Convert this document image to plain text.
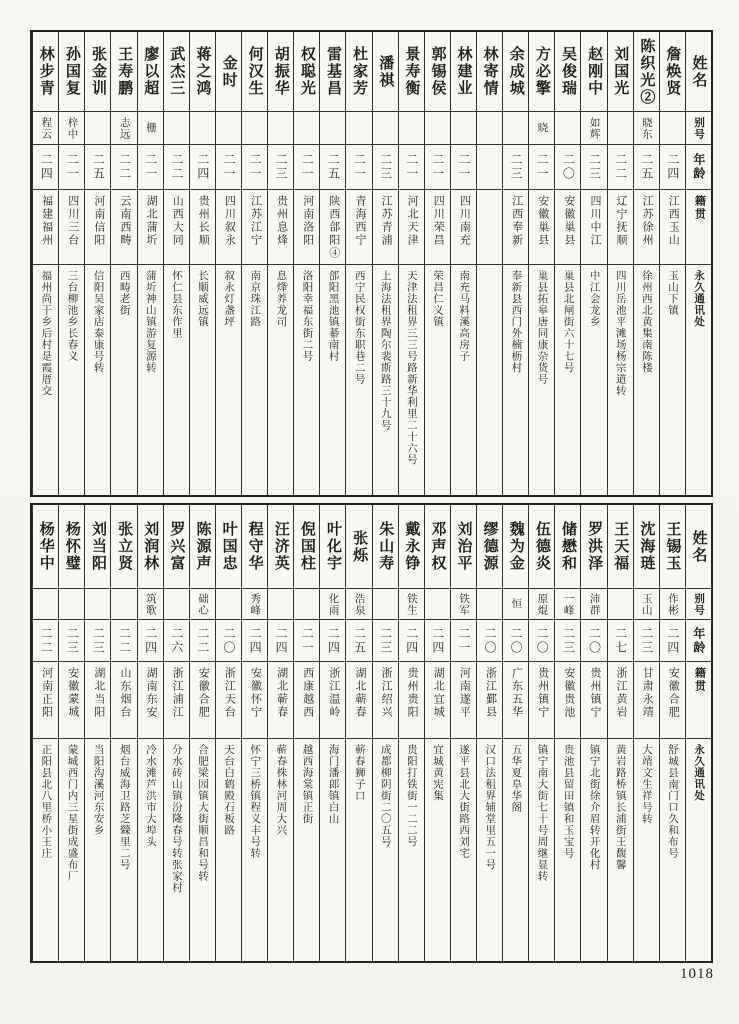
姓名
别号
年龄
籍贯
永久通讯处
詹焕贤
二四
江西玉山
玉山下镇
陈织光②
晓东
二五
江苏徐州
徐州西北黄集南陈楼
刘国光
二二
辽宁抚顺
四川岳池平滩场杨宗道转
赵刚中
如辉
二三
四川中江
中江会龙乡
吴俊瑞
二〇
安徽巢县
巢县北闸街六十七号
方必擎
晓
二一
安徽巢县
巢县拓皋唐同康杂货号
余成城
二三
江西奉新
奉新县西门外楠枥村
林寄情
林建业
二一
四川南充
南充马料溪高房子
郭锡侯
二一
四川荣昌
荣昌仁义镇
景寿衡
二一
河北天津
天津法租界三三号路新华利里二十六号
潘祺
二三
江苏青浦
上海法租界陶尔裴斯路三十九号
杜家芳
二一
青海西宁
西宁民权街东职巷二号
雷基昌
二五
陕西郃阳④
郃阳黑池镇綦南村
权聪光
二一
河南洛阳
洛阳幸福东街二号
胡振华
二三
贵州息烽
息烽养龙司
何汉生
二一
江苏江宁
南京珠江路
金时
二一
四川叙永
叙永灯盏坪
蒋之鸿
二四
贵州长顺
长顺威远镇
武杰三
二二
山西大同
怀仁县东作里
廖以超
栅
二一
湖北蒲圻
蒲圻神山镇游复源转
王寿鹏
志远
二二
云南西畴
西畴老街
张金训
二五
河南信阳
信阳吴家店泰康号转
孙国复
梓中
二一
四川三台
三台柳池乡长春义
林步青
程云
二四
福建福州
福州尚干乡后村是霞厝交
姓名
别号
年龄
籍贯
永久通讯处
王锡玉
作彬
二四
安徽合肥
舒城县南门口久和布号
沈海琏
玉山
二三
甘肃永靖
大靖文生祥号转
王天福
二七
浙江黄岩
黄岩路桥镇长浦街王馥馨
罗洪泽
沛群
二〇
贵州镇宁
镇宁北街徐介眉转开化村
储懋和
一峰
二三
安徽贵池
贵池县留田镇和玉宝号
伍德炎
原焜
二〇
贵州镇宁
镇宁南大街七十号周继显转
魏为金
恒
二〇
广东五华
五华夏阜华阁
缪德源
二〇
浙江鄞县
汉口法租界辅堂里五一号
刘治平
铁军
二一
河南遂平
遂平县北大街路西刘宅
邓声权
二四
湖北宜城
宜城黄宪集
戴永铮
铁生
二四
贵州贵阳
贵阳打铁街一二二号
朱山寿
二三
浙江绍兴
成都柳阴街二〇五号
张烁
浩泉
二五
湖北蕲春
蕲春狮子口
叶化宇
化雨
二四
浙江温岭
海门潘郎镇白山
倪国柱
二一
西康越西
越西海棠镇正街
汪济英
二四
湖北蕲春
蕲春株林河周大兴
程守华
秀峰
二四
安徽怀宁
怀宁三桥镇程义丰号转
叶国忠
二〇
浙江天台
天台白鹤殿石板路
陈源声
础心
二二
安徽合肥
合肥梁园镇大街顺昌和号转
罗兴富
二六
浙江浦江
分水砖山镇汾隆春号转张家村
刘润林
筑歌
二四
湖南东安
冷水滩芦洪市大埠头
张立贤
二二
山东烟台
烟台威海卫路芝檾里二号
刘当阳
二三
湖北当阳
当阳沟溪河东安乡
杨怀璧
二三
安徽蒙城
蒙城西门内三星街成盛布厂
杨华中
二二
河南正阳
正阳县北八里桥小王庄
1018
